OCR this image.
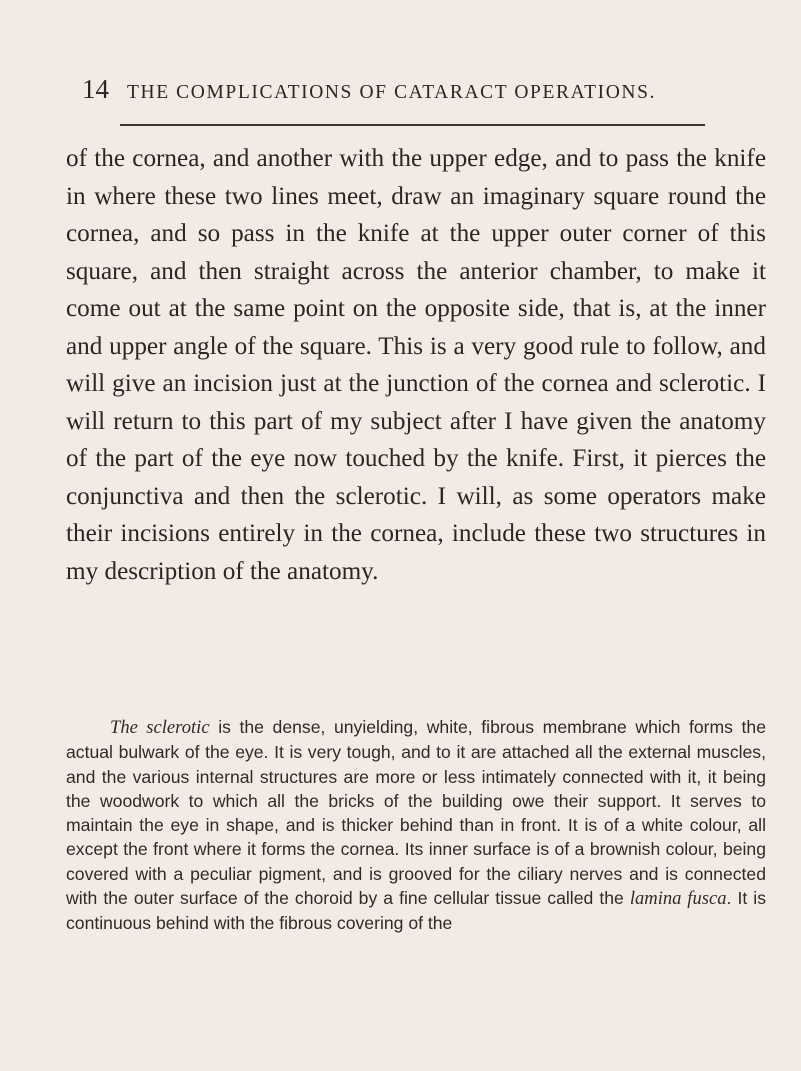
14 THE COMPLICATIONS OF CATARACT OPERATIONS.

of the cornea, and another with the upper edge, and to pass the knife in where these two lines meet, draw an imaginary square round the cornea, and so pass in the knife at the upper outer corner of this square, and then straight across the anterior chamber, to make it come out at the same point on the opposite side, that is, at the inner and upper angle of the square. This is a very good rule to follow, and will give an incision just at the junction of the cornea and sclerotic. I will return to this part of my subject after I have given the anatomy of the part of the eye now touched by the knife. First, it pierces the conjunctiva and then the sclerotic. I will, as some operators make their incisions entirely in the cornea, include these two structures in my description of the anatomy.

The sclerotic is the dense, unyielding, white, fibrous membrane which forms the actual bulwark of the eye. It is very tough, and to it are attached all the external muscles, and the various internal structures are more or less intimately connected with it, it being the woodwork to which all the bricks of the building owe their support. It serves to maintain the eye in shape, and is thicker behind than in front. It is of a white colour, all except the front where it forms the cornea. Its inner surface is of a brownish colour, being covered with a peculiar pigment, and is grooved for the ciliary nerves and is connected with the outer surface of the choroid by a fine cellular tissue called the lamina fusca. It is continuous behind with the fibrous covering of the
